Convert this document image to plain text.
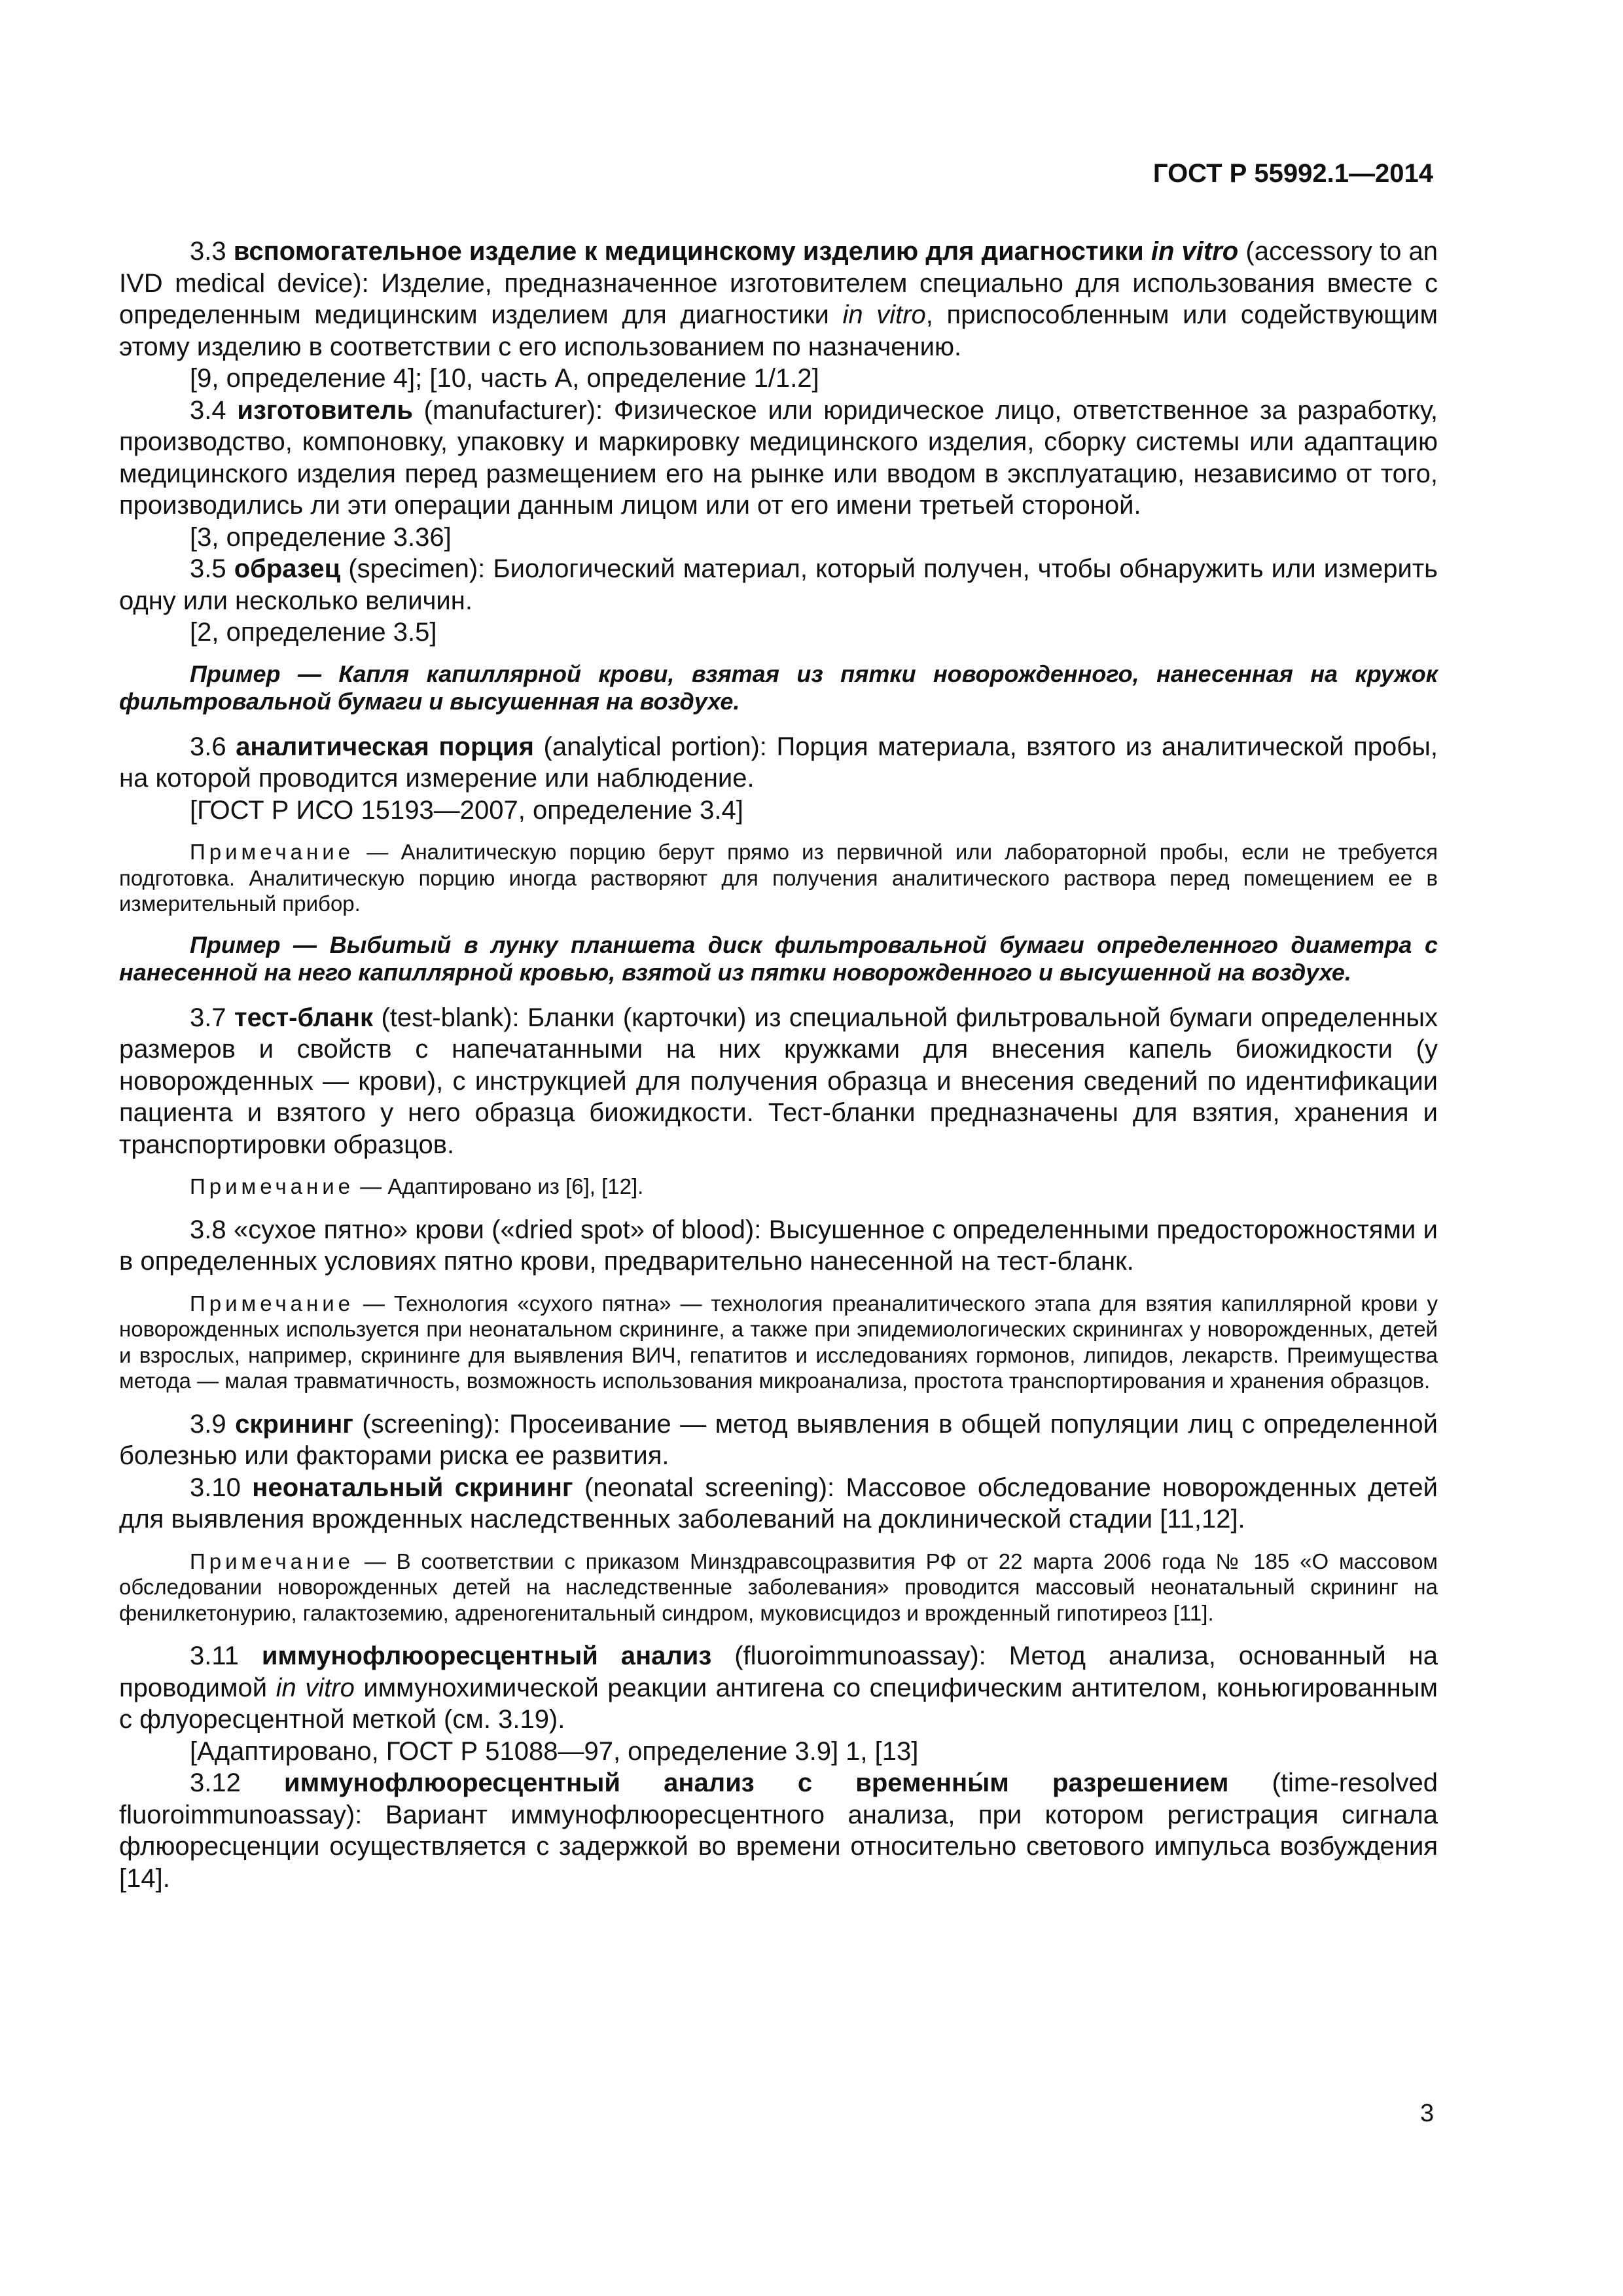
ГОСТ Р 55992.1—2014

3.3 вспомогательное изделие к медицинскому изделию для диагностики in vitro (accessory to an IVD medical device): Изделие, предназначенное изготовителем специально для использования вместе с определенным медицинским изделием для диагностики in vitro, приспособленным или содействующим этому изделию в соответствии с его использованием по назначению.

[9, определение 4]; [10, часть А, определение 1/1.2]

3.4 изготовитель (manufacturer): Физическое или юридическое лицо, ответственное за разработку, производство, компоновку, упаковку и маркировку медицинского изделия, сборку системы или адаптацию медицинского изделия перед размещением его на рынке или вводом в эксплуатацию, независимо от того, производились ли эти операции данным лицом или от его имени третьей стороной.

[3, определение 3.36]

3.5 образец (specimen): Биологический материал, который получен, чтобы обнаружить или измерить одну или несколько величин.

[2, определение 3.5]

Пример — Капля капиллярной крови, взятая из пятки новорожденного, нанесенная на кружок фильтровальной бумаги и высушенная на воздухе.

3.6 аналитическая порция (analytical portion): Порция материала, взятого из аналитической пробы, на которой проводится измерение или наблюдение.

[ГОСТ Р ИСО 15193—2007, определение 3.4]

Примечание — Аналитическую порцию берут прямо из первичной или лабораторной пробы, если не требуется подготовка. Аналитическую порцию иногда растворяют для получения аналитического раствора перед помещением ее в измерительный прибор.

Пример — Выбитый в лунку планшета диск фильтровальной бумаги определенного диаметра с нанесенной на него капиллярной кровью, взятой из пятки новорожденного и высушенной на воздухе.

3.7 тест-бланк (test-blank): Бланки (карточки) из специальной фильтровальной бумаги определенных размеров и свойств с напечатанными на них кружками для внесения капель биожидкости (у новорожденных — крови), с инструкцией для получения образца и внесения сведений по идентификации пациента и взятого у него образца биожидкости. Тест-бланки предназначены для взятия, хранения и транспортировки образцов.

Примечание — Адаптировано из [6], [12].

3.8 «сухое пятно» крови («dried spot» of blood): Высушенное с определенными предосторожностями и в определенных условиях пятно крови, предварительно нанесенной на тест-бланк.

Примечание — Технология «сухого пятна» — технология преаналитического этапа для взятия капиллярной крови у новорожденных используется при неонатальном скрининге, а также при эпидемиологических скринингах у новорожденных, детей и взрослых, например, скрининге для выявления ВИЧ, гепатитов и исследованиях гормонов, липидов, лекарств. Преимущества метода — малая травматичность, возможность использования микроанализа, простота транспортирования и хранения образцов.

3.9 скрининг (screening): Просеивание — метод выявления в общей популяции лиц с определенной болезнью или факторами риска ее развития.

3.10 неонатальный скрининг (neonatal screening): Массовое обследование новорожденных детей для выявления врожденных наследственных заболеваний на доклинической стадии [11,12].

Примечание — В соответствии с приказом Минздравсоцразвития РФ от 22 марта 2006 года № 185 «О массовом обследовании новорожденных детей на наследственные заболевания» проводится массовый неонатальный скрининг на фенилкетонурию, галактоземию, адреногенитальный синдром, муковисцидоз и врожденный гипотиреоз [11].

3.11 иммунофлюоресцентный анализ (fluoroimmunoassay): Метод анализа, основанный на проводимой in vitro иммунохимической реакции антигена со специфическим антителом, коньюгированным с флуоресцентной меткой (см. 3.19).

[Адаптировано, ГОСТ Р 51088—97, определение 3.9] 1, [13]

3.12 иммунофлюоресцентный анализ с временны́м разрешением (time-resolved fluoroimmunoassay): Вариант иммунофлюоресцентного анализа, при котором регистрация сигнала флюоресценции осуществляется с задержкой во времени относительно светового импульса возбуждения [14].

3
